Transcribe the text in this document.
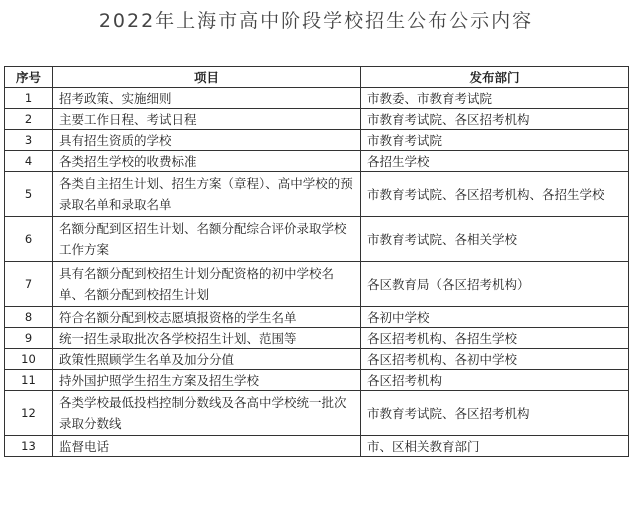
2022年上海市高中阶段学校招生公布公示内容
序号	项目	发布部门
1	招考政策、实施细则	市教委、市教育考试院
2	主要工作日程、考试日程	市教育考试院、各区招考机构
3	具有招生资质的学校	市教育考试院
4	各类招生学校的收费标准	各招生学校
5	各类自主招生计划、招生方案（章程）、高中学校的预录取名单和录取名单	市教育考试院、各区招考机构、各招生学校
6	名额分配到区招生计划、名额分配综合评价录取学校工作方案	市教育考试院、各相关学校
7	具有名额分配到校招生计划分配资格的初中学校名单、名额分配到校招生计划	各区教育局（各区招考机构）
8	符合名额分配到校志愿填报资格的学生名单	各初中学校
9	统一招生录取批次各学校招生计划、范围等	各区招考机构、各招生学校
10	政策性照顾学生名单及加分分值	各区招考机构、各初中学校
11	持外国护照学生招生方案及招生学校	各区招考机构
12	各类学校最低投档控制分数线及各高中学校统一批次录取分数线	市教育考试院、各区招考机构
13	监督电话	市、区相关教育部门
